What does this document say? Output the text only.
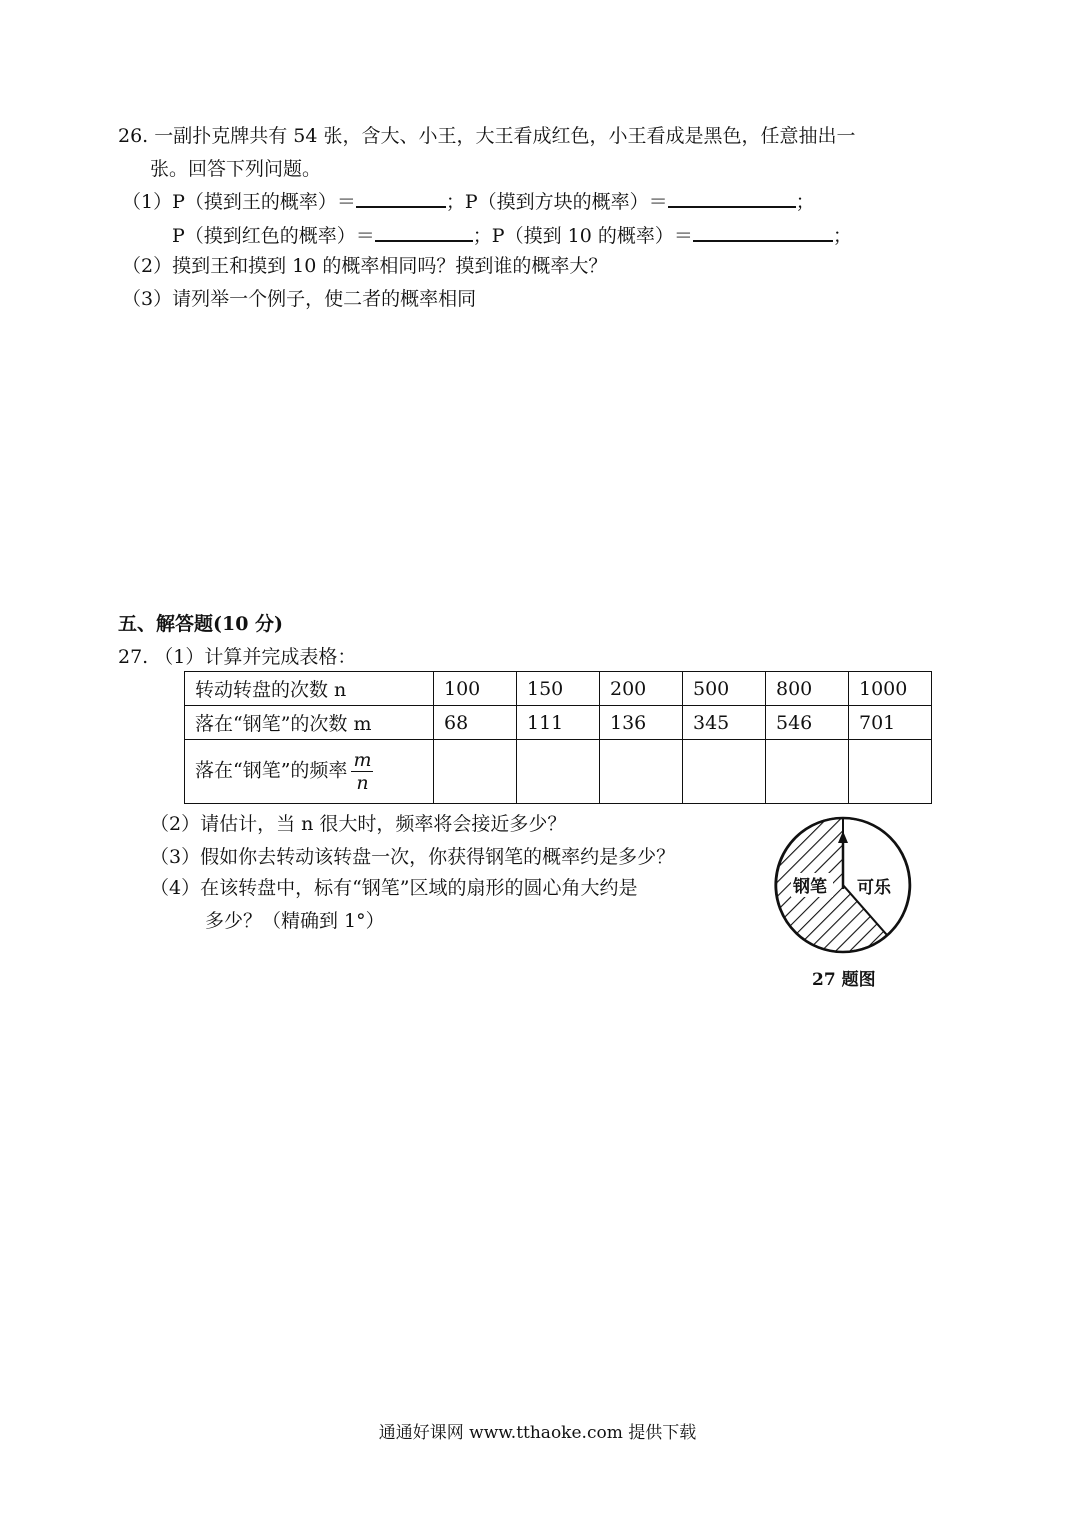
26. 一副扑克牌共有 54 张，含大、小王，大王看成红色，小王看成是黑色，任意抽出一
张。回答下列问题。
（1）P（摸到王的概率）＝	；P（摸到方块的概率）＝	；
P（摸到红色的概率）＝	；P（摸到 10 的概率）＝	；
（2）摸到王和摸到 10 的概率相同吗？摸到谁的概率大？
（3）请列举一个例子，使二者的概率相同
五、解答题(10 分)
27. （1）计算并完成表格：
转动转盘的次数 n	100	150	200	500	800	1000
落在“钢笔”的次数 m	68	111	136	345	546	701
落在“钢笔”的频率 $\frac{m}{n}$

（2）请估计，当 n 很大时，频率将会接近多少？
（3）假如你去转动该转盘一次，你获得钢笔的概率约是多少？
（4）在该转盘中，标有“钢笔”区域的扇形的圆心角大约是
多少？（精确到 1°）
钢笔 可乐
27 题图
通通好课网 www.tthaoke.com 提供下载
